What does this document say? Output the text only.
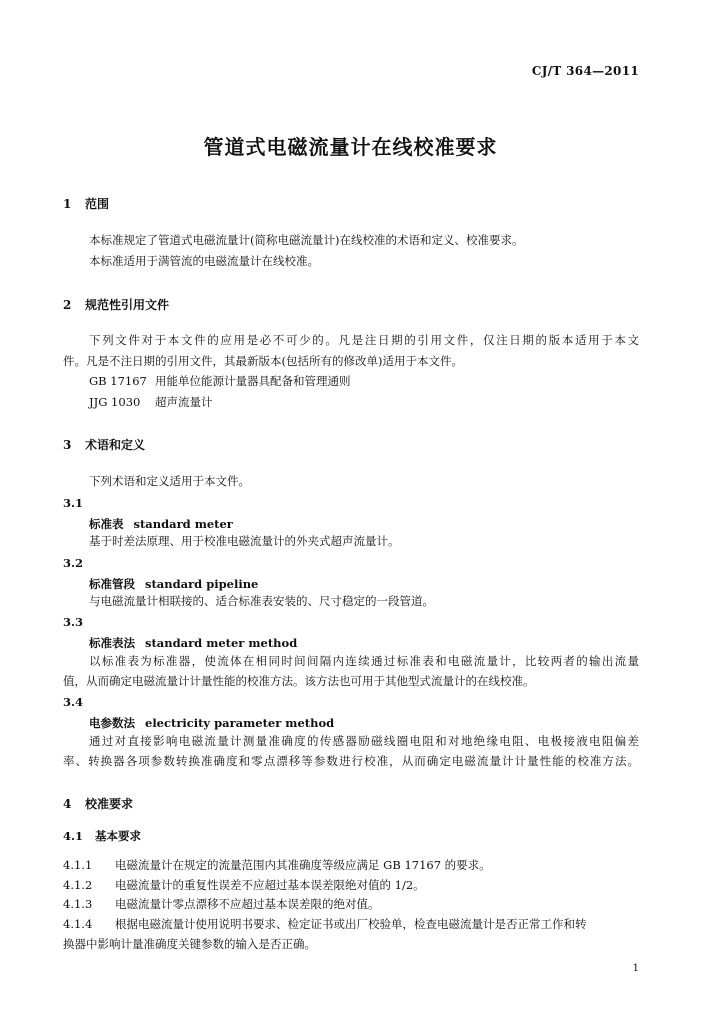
CJ/T 364—2011
管道式电磁流量计在线校准要求
1 范围
本标准规定了管道式电磁流量计(简称电磁流量计)在线校准的术语和定义、校准要求。
本标准适用于满管流的电磁流量计在线校准。
2 规范性引用文件
下列文件对于本文件的应用是必不可少的。凡是注日期的引用文件，仅注日期的版本适用于本文
件。凡是不注日期的引用文件，其最新版本(包括所有的修改单)适用于本文件。
GB 17167 用能单位能源计量器具配备和管理通则
JJG 1030 超声流量计
3 术语和定义
下列术语和定义适用于本文件。
3.1
标准表 standard meter
基于时差法原理、用于校准电磁流量计的外夹式超声流量计。
3.2
标准管段 standard pipeline
与电磁流量计相联接的、适合标准表安装的、尺寸稳定的一段管道。
3.3
标准表法 standard meter method
以标准表为标准器，使流体在相同时间间隔内连续通过标准表和电磁流量计，比较两者的输出流量
值，从而确定电磁流量计计量性能的校准方法。该方法也可用于其他型式流量计的在线校准。
3.4
电参数法 electricity parameter method
通过对直接影响电磁流量计测量准确度的传感器励磁线圈电阻和对地绝缘电阻、电极接液电阻偏差
率、转换器各项参数转换准确度和零点漂移等参数进行校准，从而确定电磁流量计计量性能的校准方法。
4 校准要求
4.1 基本要求
4.1.1 电磁流量计在规定的流量范围内其准确度等级应满足 GB 17167 的要求。
4.1.2 电磁流量计的重复性误差不应超过基本误差限绝对值的 1/2。
4.1.3 电磁流量计零点漂移不应超过基本误差限的绝对值。
4.1.4 根据电磁流量计使用说明书要求、检定证书或出厂校验单，检查电磁流量计是否正常工作和转
换器中影响计量准确度关键参数的输入是否正确。
1
